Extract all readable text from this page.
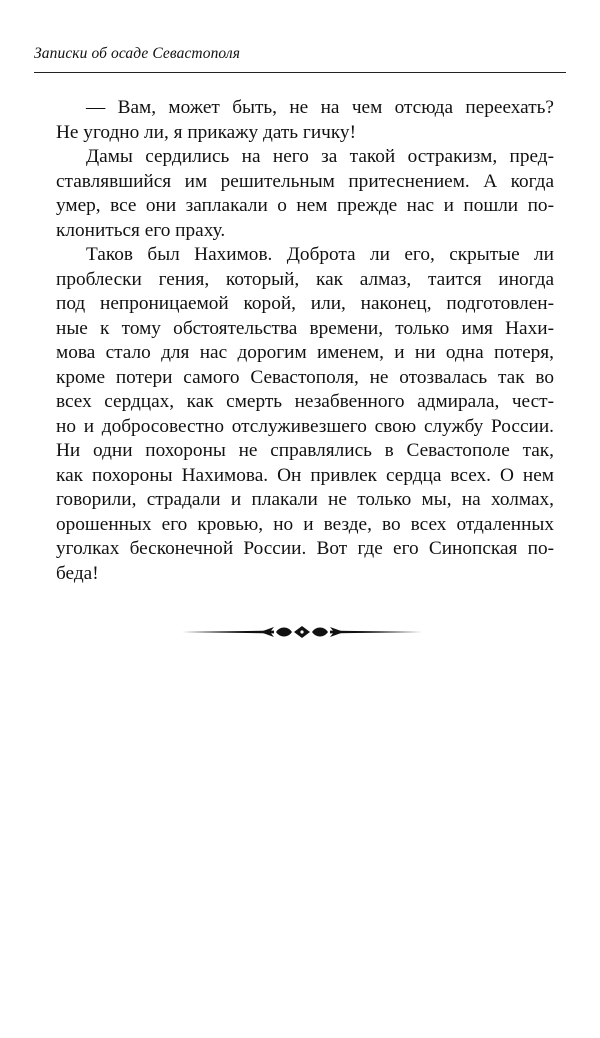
Записки об осаде Севастополя
— Вам, может быть, не на чем отсюда переехать?
Не угодно ли, я прикажу дать гичку!
Дамы сердились на него за такой остракизм, пред-
ставлявшийся им решительным притеснением. А когда
умер, все они заплакали о нем прежде нас и пошли по-
клониться его праху.
Таков был Нахимов. Доброта ли его, скрытые ли
проблески гения, который, как алмаз, таится иногда
под непроницаемой корой, или, наконец, подготовлен-
ные к тому обстоятельства времени, только имя Нахи-
мова стало для нас дорогим именем, и ни одна потеря,
кроме потери самого Севастополя, не отозвалась так во
всех сердцах, как смерть незабвенного адмирала, чест-
но и добросовестно отслуживезшего свою службу России.
Ни одни похороны не справлялись в Севастополе так,
как похороны Нахимова. Он привлек сердца всех. О нем
говорили, страдали и плакали не только мы, на холмах,
орошенных его кровью, но и везде, во всех отдаленных
уголках бесконечной России. Вот где его Синопская по-
беда!
